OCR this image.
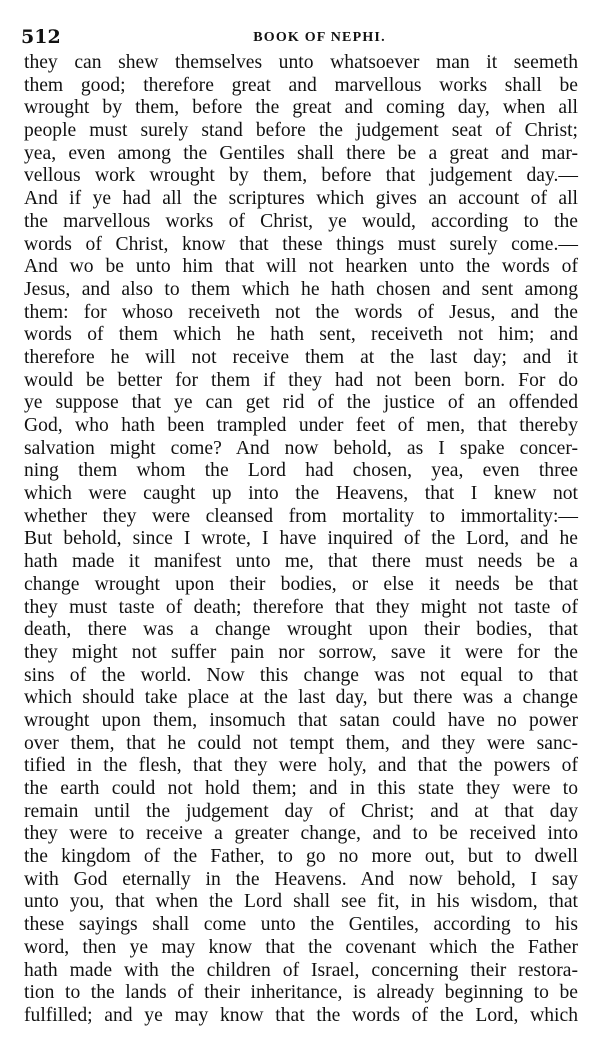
512	BOOK OF NEPHI.
they can shew themselves unto whatsoever man it seemeth
them good; therefore great and marvellous works shall be
wrought by them, before the great and coming day, when all
people must surely stand before the judgement seat of Christ;
yea, even among the Gentiles shall there be a great and mar-
vellous work wrought by them, before that judgement day.—
And if ye had all the scriptures which gives an account of all
the marvellous works of Christ, ye would, according to the
words of Christ, know that these things must surely come.—
And wo be unto him that will not hearken unto the words of
Jesus, and also to them which he hath chosen and sent among
them: for whoso receiveth not the words of Jesus, and the
words of them which he hath sent, receiveth not him; and
therefore he will not receive them at the last day; and it
would be better for them if they had not been born. For do
ye suppose that ye can get rid of the justice of an offended
God, who hath been trampled under feet of men, that thereby
salvation might come? And now behold, as I spake concer-
ning them whom the Lord had chosen, yea, even three
which were caught up into the Heavens, that I knew not
whether they were cleansed from mortality to immortality:—
But behold, since I wrote, I have inquired of the Lord, and he
hath made it manifest unto me, that there must needs be a
change wrought upon their bodies, or else it needs be that
they must taste of death; therefore that they might not taste of
death, there was a change wrought upon their bodies, that
they might not suffer pain nor sorrow, save it were for the
sins of the world. Now this change was not equal to that
which should take place at the last day, but there was a change
wrought upon them, insomuch that satan could have no power
over them, that he could not tempt them, and they were sanc-
tified in the flesh, that they were holy, and that the powers of
the earth could not hold them; and in this state they were to
remain until the judgement day of Christ; and at that day
they were to receive a greater change, and to be received into
the kingdom of the Father, to go no more out, but to dwell
with God eternally in the Heavens. And now behold, I say
unto you, that when the Lord shall see fit, in his wisdom, that
these sayings shall come unto the Gentiles, according to his
word, then ye may know that the covenant which the Father
hath made with the children of Israel, concerning their restora-
tion to the lands of their inheritance, is already beginning to be
fulfilled; and ye may know that the words of the Lord, which
